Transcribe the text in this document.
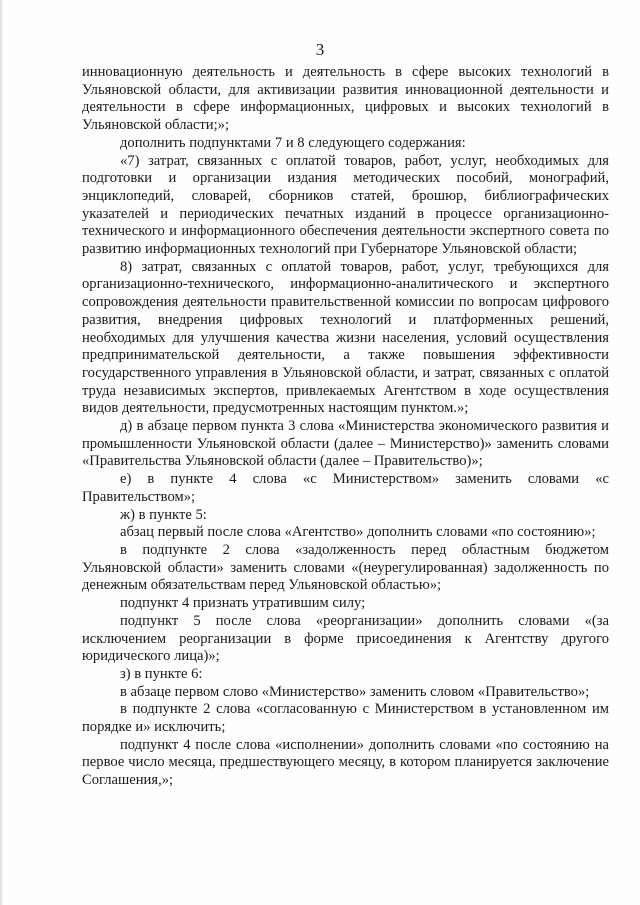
3

инновационную деятельность и деятельность в сфере высоких технологий в Ульяновской области, для активизации развития инновационной деятельности и деятельности в сфере информационных, цифровых и высоких технологий в Ульяновской области;»;

дополнить подпунктами 7 и 8 следующего содержания:

«7) затрат, связанных с оплатой товаров, работ, услуг, необходимых для подготовки и организации издания методических пособий, монографий, энциклопедий, словарей, сборников статей, брошюр, библиографических указателей и периодических печатных изданий в процессе организационно-технического и информационного обеспечения деятельности экспертного совета по развитию информационных технологий при Губернаторе Ульяновской области;

8) затрат, связанных с оплатой товаров, работ, услуг, требующихся для организационно-технического, информационно-аналитического и экспертного сопровождения деятельности правительственной комиссии по вопросам цифрового развития, внедрения цифровых технологий и платформенных решений, необходимых для улучшения качества жизни населения, условий осуществления предпринимательской деятельности, а также повышения эффективности государственного управления в Ульяновской области, и затрат, связанных с оплатой труда независимых экспертов, привлекаемых Агентством в ходе осуществления видов деятельности, предусмотренных настоящим пунктом.»;

д) в абзаце первом пункта 3 слова «Министерства экономического развития и промышленности Ульяновской области (далее – Министерство)» заменить словами «Правительства Ульяновской области (далее – Правительство)»;

е) в пункте 4 слова «с Министерством» заменить словами «с Правительством»;

ж) в пункте 5:

абзац первый после слова «Агентство» дополнить словами «по состоянию»;

в подпункте 2 слова «задолженность перед областным бюджетом Ульяновской области» заменить словами «(неурегулированная) задолженность по денежным обязательствам перед Ульяновской областью»;

подпункт 4 признать утратившим силу;

подпункт 5 после слова «реорганизации» дополнить словами «(за исключением реорганизации в форме присоединения к Агентству другого юридического лица)»;

з) в пункте 6:

в абзаце первом слово «Министерство» заменить словом «Правительство»;

в подпункте 2 слова «согласованную с Министерством в установленном им порядке и» исключить;

подпункт 4 после слова «исполнении» дополнить словами «по состоянию на первое число месяца, предшествующего месяцу, в котором планируется заключение Соглашения,»;
